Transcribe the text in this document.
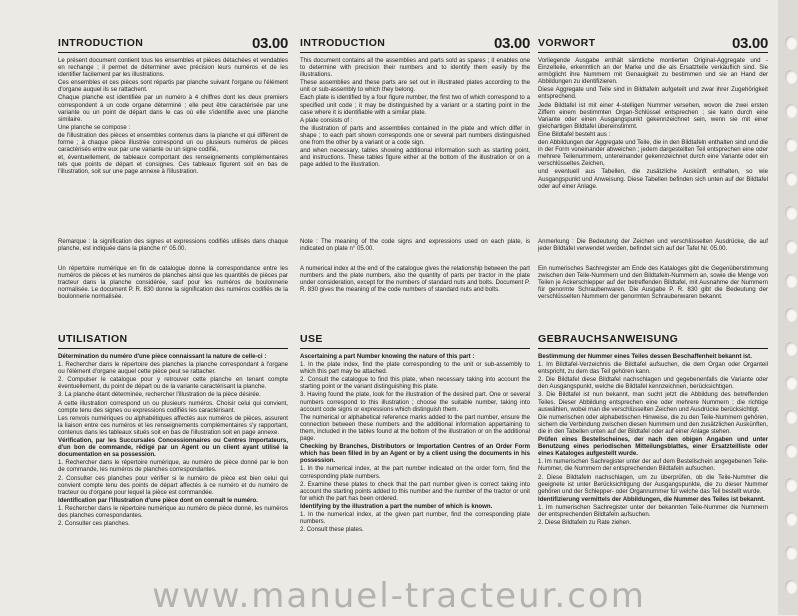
INTRODUCTION	03.00

Le présent document contient tous les ensembles et pièces détachées et vendables en rechange ; il permet de déterminer avec précision leurs numéros et de les identifier facilement par les illustrations.

Ces ensembles et ces pièces sont répartis par planche suivant l'organe ou l'élément d'organe auquel ils se rattachent.

Chaque planche est identifiée par un numéro à 4 chiffres dont les deux premiers correspondent à un code organe déterminé ; elle peut être caractérisée par une variante ou un point de départ dans le cas où elle s'identifie avec une planche similaire.

Une planche se compose :

de l'illustration des pièces et ensembles contenus dans la planche et qui diffèrent de forme ; à chaque pièce illustrée correspond un ou plusieurs numéros de pièces caractérisés entre eux par une variante ou un signe codifié,

et, éventuellement, de tableaux comportant des renseignements complémentaires tels que points de départ et consignes. Ces tableaux figurent soit en bas de l'illustration, soit sur une page annexe à l'illustration.

Remarque : la signification des signes et expressions codifiés utilisés dans chaque planche, est indiquée dans la planche n° 05.00.
Un répertoire numérique en fin de catalogue donne la correspondance entre les numéros de pièces et les numéros de planches ainsi que les quantités de pièces par tracteur dans la planche considérée, sauf pour les numéros de boulonnerie normalisée. Le document P. R. 830 donne la signification des numéros codifiés de la boulonnerie normalisée.
UTILISATION

Détermination du numéro d'une pièce connaissant la nature de celle-ci :

1. Rechercher dans le répertoire des planches la planche correspondant à l'organe ou l'élément d'organe auquel cette pièce peut se rattacher.

2. Compulser le catalogue pour y retrouver cette planche en tenant compte éventuellement, du point de départ ou de la variante caractérisant la planche.

3. La planche étant déterminée, rechercher l'illustration de la pièce désirée.

A cette illustration correspond un ou plusieurs numéros. Choisir celui qui convient, compte tenu des signes ou expressions codifiés les caractérisant.

Les renvois numériques ou alphabétiques affectés aux numéros de pièces, assurent la liaison entre ces numéros et les renseignements complémentaires s'y rapportant, contenus dans les tableaux situés soit en bas de l'illustration soit en page annexe.

Vérification, par les Succursales Concessionnaires ou Centres Importateurs, d'un bon de commande, rédigé par un Agent ou un client ayant utilisé la documentation en sa possession.

1. Rechercher dans le répertoire numérique, au numéro de pièce donné par le bon de commande, les numéros de planches correspondantes.

2. Consulter ces planches pour vérifier si le numéro de pièce est bien celui qui convient compte tenu des points de départ affectés à ce numéro et du numéro de tracteur ou d'organe pour lequel la pièce est commandée.

Identification par l'illustration d'une pièce dont on connaît le numéro.

1. Rechercher dans le répertoire numérique au numéro de pièce donné, les numéros des planches correspondantes.

2. Consulter ces planches.

INTRODUCTION	03.00

This document contains all the assemblies and parts sold as spares ; it enables one to determine with precision their numbers and to identify them easily by the illustrations.

These assemblies and these parts are set out in illustrated plates according to the unit or sub-assembly to which they belong.

Each plate is identified by a four figure number, the first two of which correspond to a specified unit code ; it may be distinguished by a variant or a starting point in the case where it is identifiable with a similar plate.

A plate consists of :

the illustration of parts and assemblies contained in the plate and which differ in shape ; to each part shown corresponds one or several part numbers distinguished one from the other by a variant or a code sign.

and when necessary, tables showing additional information such as starting point, and instructions. These tables figure either at the bottom of the illustration or on a page added to the illustration.

Note : The meaning of the code signs and expressions used on each plate, is indicated on plate n° 05.00.
A numerical index at the end of the catalogue gives the relationship between the part numbers and the plate numbers, also the quantity of parts per tractor in the plate under consideration, except for the numbers of standard nuts and bolts. Document P. R. 830 gives the meaning of the code numbers of standard nuts and bolts.
USE

Ascertaining a part Number knowing the nature of this part :

1. In the plate index, find the plate corresponding to the unit or sub-assembly to which this part may be attached.

2. Consult the catalogue to find this plate, when necessary taking into account the starting point or the variant distinguishing this plate.

3. Having found the plate, look for the illustration of the desired part. One or several numbers correspond to this illustration ; choose the suitable number, taking into account code signs or expressions which distinguish them.

The numerical or alphabetical reference marks added to the part number, ensure the connection between these numbers and the additional information appertaining to them, included in the tables found at the bottom of the illustration or on the additional page.

Checking by Branches, Distributors or Importation Centres of an Order Form which has been filled in by an Agent or by a client using the documents in his possession.

1. In the numerical index, at the part number indicated on the order form, find the corresponding plate numbers.

2. Examine these plates to check that the part number given is correct taking into account the starting points added to this number and the number of the tractor or unit for which the part has been ordered.

Identifying by the illustration a part the number of which is known.

1. In the numerical index, at the given part number, find the corresponding plate numbers.

2. Consult these plates.

VORWORT	03.00

Vorliegende Ausgabe enthält sämtliche montierten Original-Aggregate und -Einzelteile, erkenntlich an der Marke und die als Ersatzteile verkäuflich sind. Sie ermöglicht ihre Nummern mit Genauigkeit zu bestimmen und sie an Hand der Abbildungen zu identifizieren.

Diese Aggregate und Teile sind in Bildtafeln aufgeteilt und zwar ihrer Zugehörigkeit entsprechend.

Jede Bildtafel ist mit einer 4-stelligen Nummer versehen, wovon die zwei ersten Ziffern einem bestimmten Organ-Schlüssel entsprechen ; sie kann durch eine Variante oder einen Ausgangspunkt gekennzeichnet sein, wenn sie mit einer gleichartigen Bildtafel übereinstimmt.

Eine Bildtafel besteht aus :

den Abbildungen der Aggregate und Teile, die in den Bildtafeln enthalten sind und die in der Form voneinander abweichen ; jedem dargestellten Teil entsprechen eine oder mehrere Teilenummern, untereinander gekennzeichnet durch eine Variante oder ein verschlüsseltes Zeichen,

und eventuell aus Tabellen, die zusätzliche Auskünft enthalten, so wie Ausgangspunkt und Anweisung. Diese Tabellen befinden sich unten auf der Bildtafel oder auf einer Anlage.

Anmerkung : Die Bedeutung der Zeichen und verschlüsselten Ausdrücke, die auf jeder Bildtafel verwendet werden, befindet sich auf der Tafel Nr. 05.00.
Ein numerisches Sachregister am Ende des Kataloges gibt die Gegenüberstimmung zwischen den Teile-Nummern und den Bildtafeln-Nummern an, sowie die Menge von Teilen je Ackerschlepper auf der betreffenden Bildtafel, mit Ausnahme der Nummern für genormte Schraubenwaren. Die Ausgabe P. R. 830 gibt die Bedeutung der verschlüsselten Nummern der genormten Schraubenwaren bekannt.
GEBRAUCHSANWEISUNG

Bestimmung der Nummer eines Teiles dessen Beschaffenheit bekannt ist.

1. Im Bildtafel-Verzeichnis die Bildtafel aufsuchen, die dem Organ oder Organteil entspricht, zu dem das Teil gehören kann.

2. Die Bildtafel diese Bildtafel nachschlagen und gegebenenfalls die Variante oder den Ausgangspunkt, welche die Bildtafel kennzeichnen, berücksichtigen.

3. Die Bildtafel ist nun bekannt, man sucht jetzt die Abbildung des betreffenden Teiles. Dieser Abbildung entsprechen eine oder mehrere Nummern ; die richtige auswählen, wobei man die verschlüsselten Zeichen und Ausdrücke berücksichtigt.

Die numerischen oder alphabetischen Hinweise, die zu den Teile-Nummern gehören, sichern die Verbindung zwischen diesen Nummern und den zusätzlichen Auskünften, die in den Tabellen unten auf der Bildtafel oder auf einer Anlage stehen.

Prüfen eines Bestellscheines, der nach den obigen Angaben und unter Benutzung eines periodischen Mitteilungsblattes, einer Ersatzteilliste oder eines Kataloges aufgestellt wurde.

1. Im numerischen Sachregister unter der auf dem Bestellschein angegebenen Teile-Nummer, die Nummern der entsprechenden Bildtafeln aufsuchen.

2. Diese Bildtafeln nachschlagen, um zu überprüfen, ob die Teile-Nummer die geeignete ist unter Berücksichtigung der Ausgangspunkte, die zu dieser Nummer gehören und der Schlepper- oder Organnummer für welche das Teil bestellt wurde.

Identifizierung vermittels der Abbildungen, die Nummer des Teiles ist bekannt.

1. Im numerischen Sachregister unter der bekannten Teile-Nummer die Nummern der entsprechenden Bildtafeln aufsuchen.

2. Diese Bildtafeln zu Rate ziehen.

www.manuel-tracteur.com
